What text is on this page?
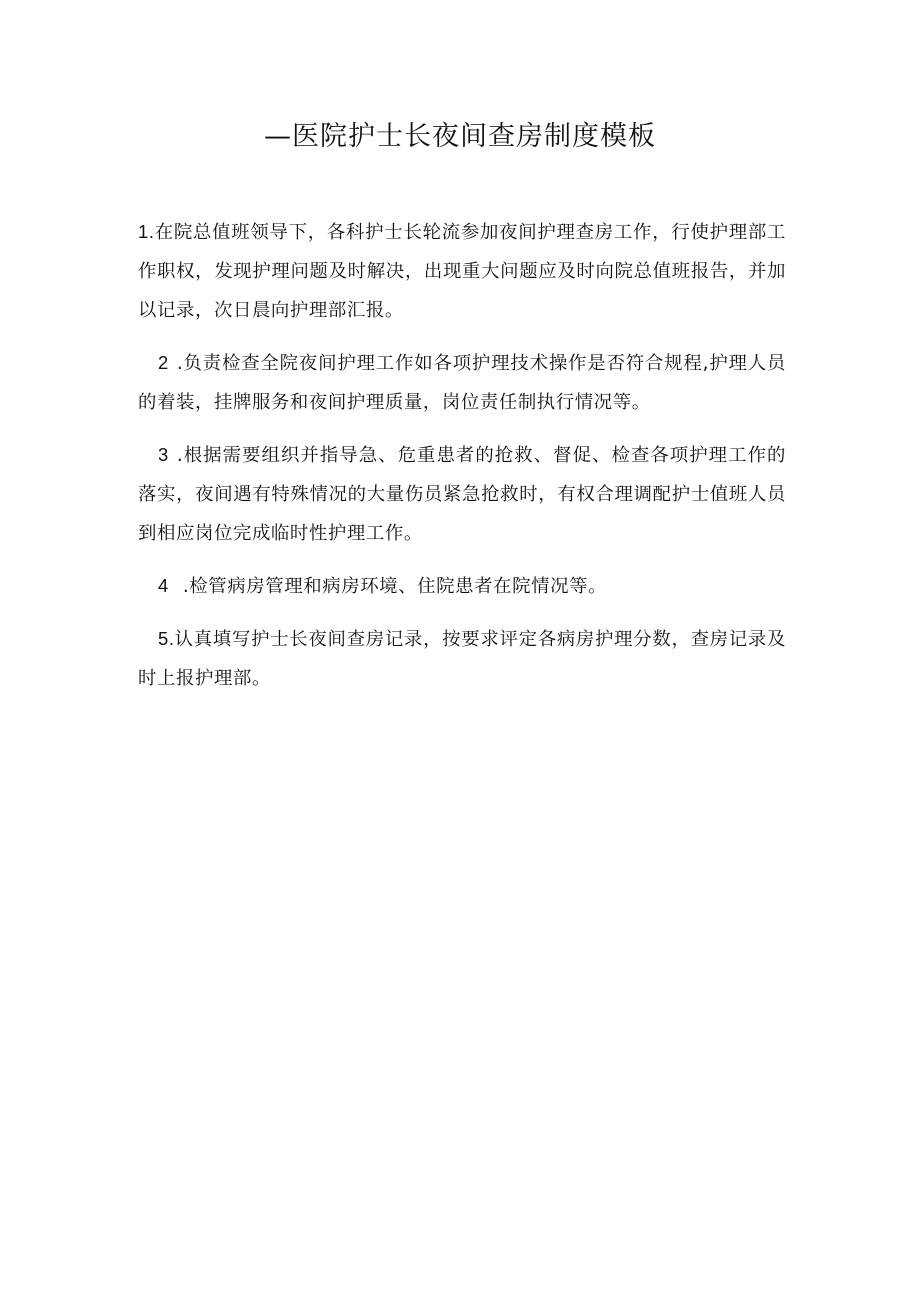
—医院护士长夜间查房制度模板

1.在院总值班领导下，各科护士长轮流参加夜间护理查房工作，行使护理部工作职权，发现护理问题及时解决，出现重大问题应及时向院总值班报告，并加以记录，次日晨向护理部汇报。

2 .负责检查全院夜间护理工作如各项护理技术操作是否符合规程,护理人员的着装，挂牌服务和夜间护理质量，岗位责任制执行情况等。

3 .根据需要组织并指导急、危重患者的抢救、督促、检查各项护理工作的落实，夜间遇有特殊情况的大量伤员紧急抢救时，有权合理调配护士值班人员到相应岗位完成临时性护理工作。

4 .检管病房管理和病房环境、住院患者在院情况等。

5.认真填写护士长夜间查房记录，按要求评定各病房护理分数，查房记录及时上报护理部。
